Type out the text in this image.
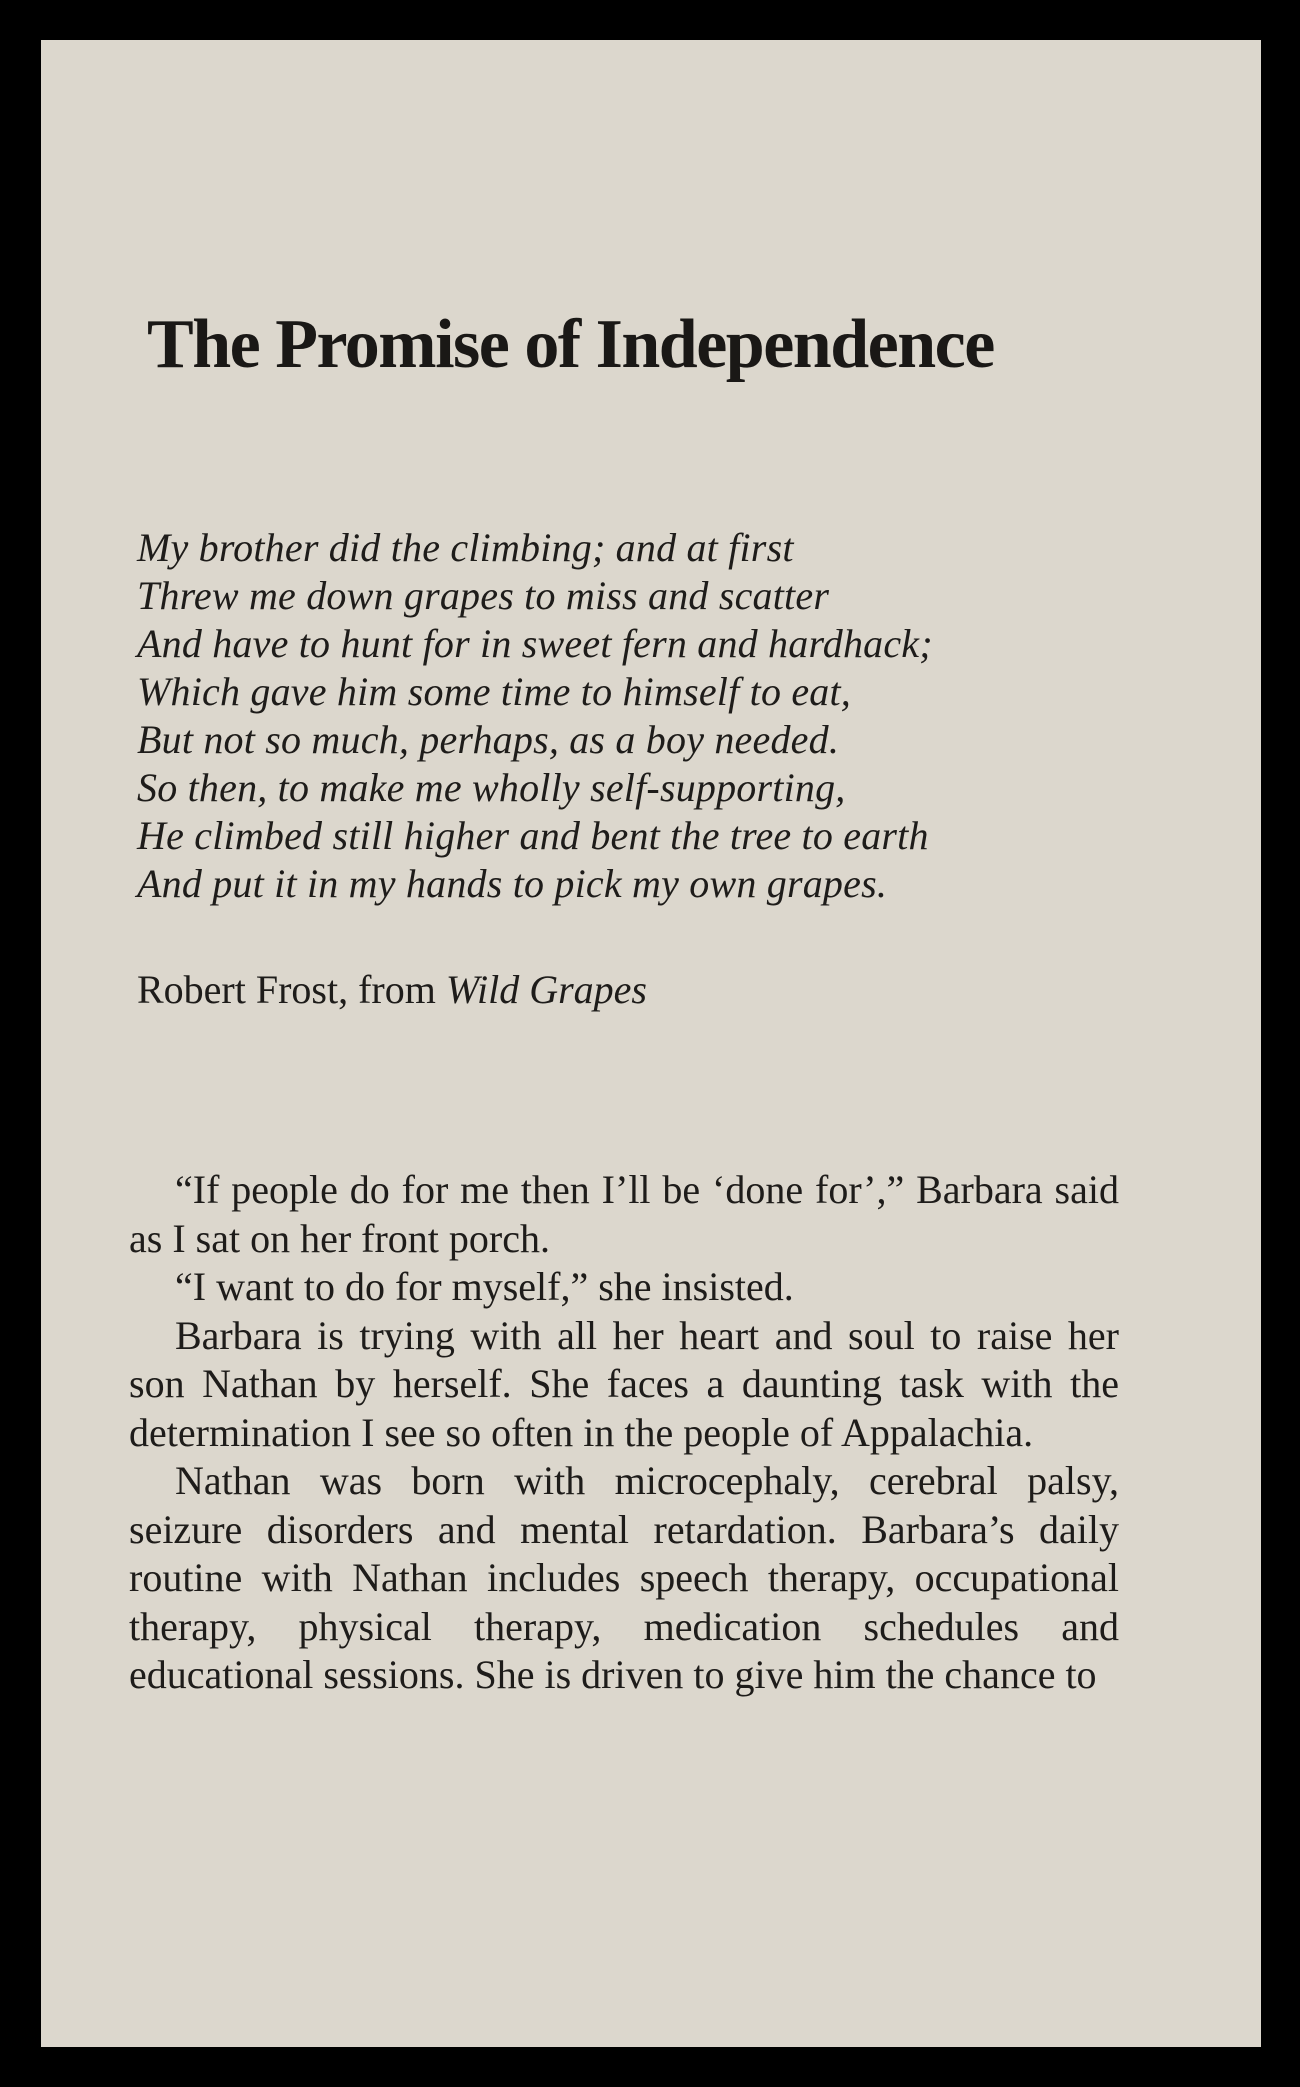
The Promise of Independence
My brother did the climbing; and at first
Threw me down grapes to miss and scatter
And have to hunt for in sweet fern and hardhack;
Which gave him some time to himself to eat,
But not so much, perhaps, as a boy needed.
So then, to make me wholly self-supporting,
He climbed still higher and bent the tree to earth
And put it in my hands to pick my own grapes.
Robert Frost, from Wild Grapes

“If people do for me then I’ll be ‘done for’,” Barbara said as I sat on her front porch.

“I want to do for myself,” she insisted.

Barbara is trying with all her heart and soul to raise her son Nathan by herself. She faces a daunting task with the determination I see so often in the people of Appalachia.

Nathan was born with microcephaly, cerebral palsy, seizure disorders and mental retardation. Barbara’s daily routine with Nathan includes speech therapy, occupational therapy, physical therapy, medication schedules and educational sessions. She is driven to give him the chance to
